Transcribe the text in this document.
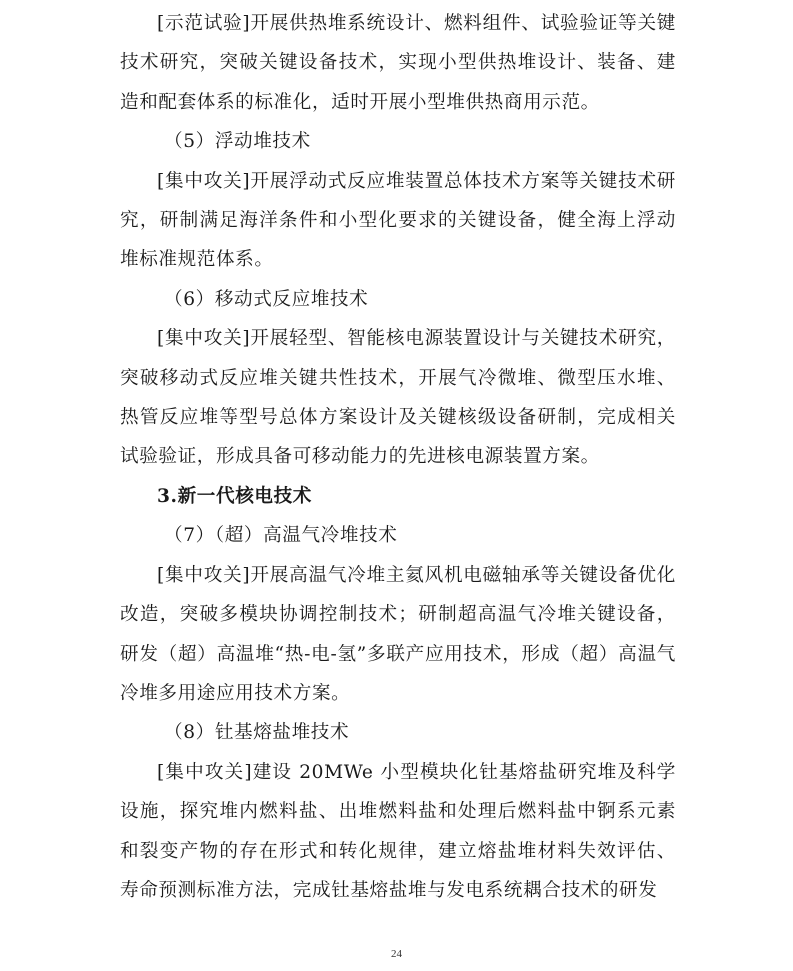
[示范试验]开展供热堆系统设计、燃料组件、试验验证等关键技术研究，突破关键设备技术，实现小型供热堆设计、装备、建造和配套体系的标准化，适时开展小型堆供热商用示范。

（5）浮动堆技术

[集中攻关]开展浮动式反应堆装置总体技术方案等关键技术研究，研制满足海洋条件和小型化要求的关键设备，健全海上浮动堆标准规范体系。

（6）移动式反应堆技术

[集中攻关]开展轻型、智能核电源装置设计与关键技术研究，突破移动式反应堆关键共性技术，开展气冷微堆、微型压水堆、热管反应堆等型号总体方案设计及关键核级设备研制，完成相关试验验证，形成具备可移动能力的先进核电源装置方案。

3.新一代核电技术

（7）（超）高温气冷堆技术

[集中攻关]开展高温气冷堆主氦风机电磁轴承等关键设备优化改造，突破多模块协调控制技术；研制超高温气冷堆关键设备，研发（超）高温堆“热-电-氢”多联产应用技术，形成（超）高温气冷堆多用途应用技术方案。

（8）钍基熔盐堆技术

[集中攻关]建设 20MWe 小型模块化钍基熔盐研究堆及科学设施，探究堆内燃料盐、出堆燃料盐和处理后燃料盐中锕系元素和裂变产物的存在形式和转化规律，建立熔盐堆材料失效评估、寿命预测标准方法，完成钍基熔盐堆与发电系统耦合技术的研发

24
